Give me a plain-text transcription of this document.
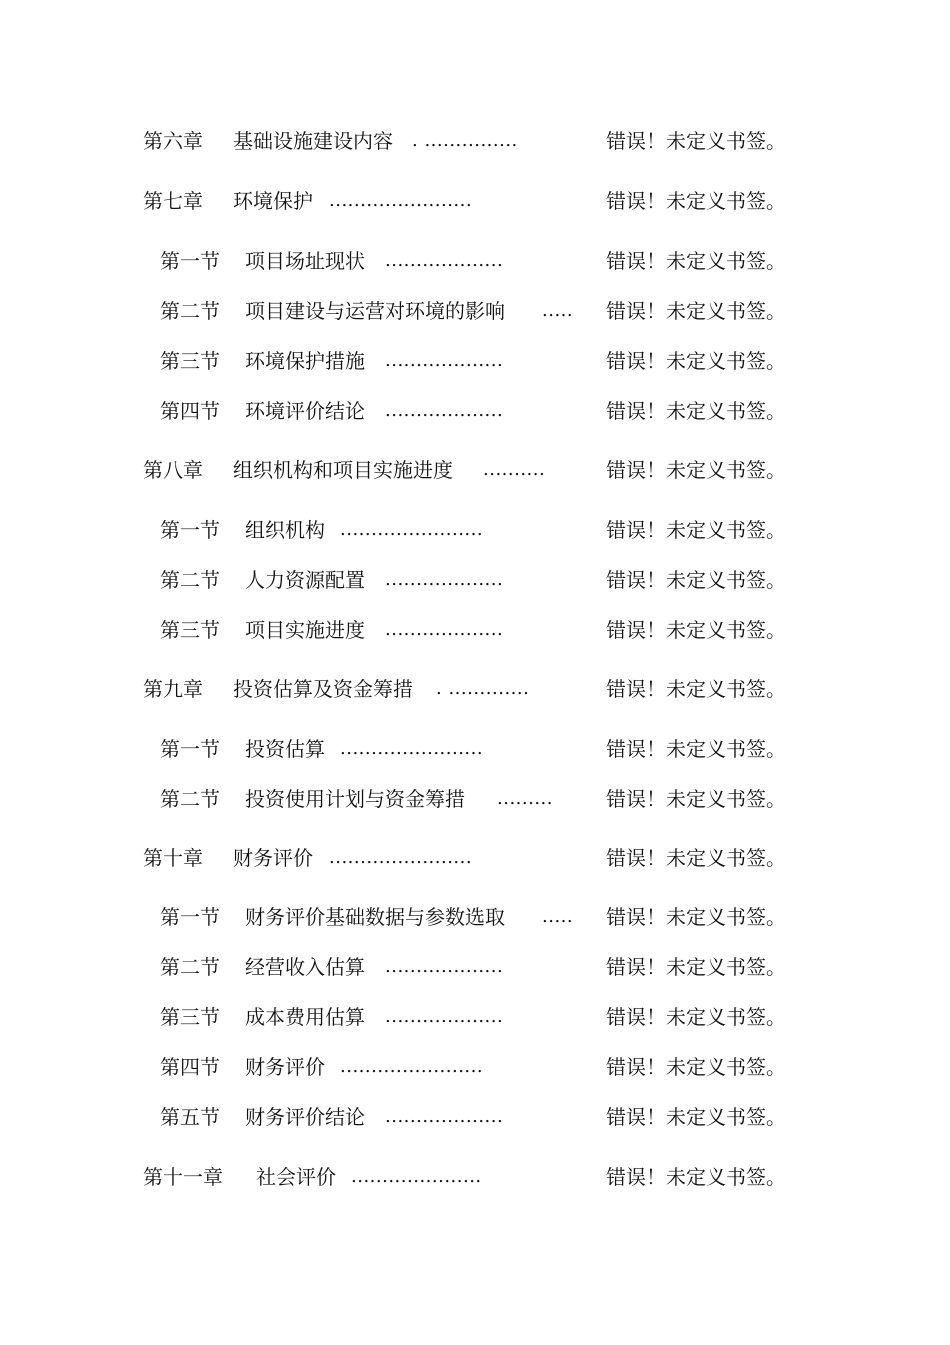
第六章 基础设施建设内容 . ...............	错误！未定义书签。
第七章 环境保护 .......................	错误！未定义书签。
第一节 项目场址现状 ...................	错误！未定义书签。
第二节 项目建设与运营对环境的影响 ..... 错误！未定义书签。
第三节 环境保护措施 ...................	错误！未定义书签。
第四节 环境评价结论 ...................	错误！未定义书签。
第八章 组织机构和项目实施进度 ..........	错误！未定义书签。
第一节 组织机构 .......................	错误！未定义书签。
第二节 人力资源配置 ...................	错误！未定义书签。
第三节 项目实施进度 ...................	错误！未定义书签。
第九章 投资估算及资金筹措 . .............	错误！未定义书签。
第一节 投资估算 .......................	错误！未定义书签。
第二节 投资使用计划与资金筹措 .........	错误！未定义书签。
第十章 财务评价 .......................	错误！未定义书签。
第一节 财务评价基础数据与参数选取 ..... 错误！未定义书签。
第二节 经营收入估算 ...................	错误！未定义书签。
第三节 成本费用估算 ...................	错误！未定义书签。
第四节 财务评价 .......................	错误！未定义书签。
第五节 财务评价结论 ...................	错误！未定义书签。
第十一章 社会评价 .....................	错误！未定义书签。
